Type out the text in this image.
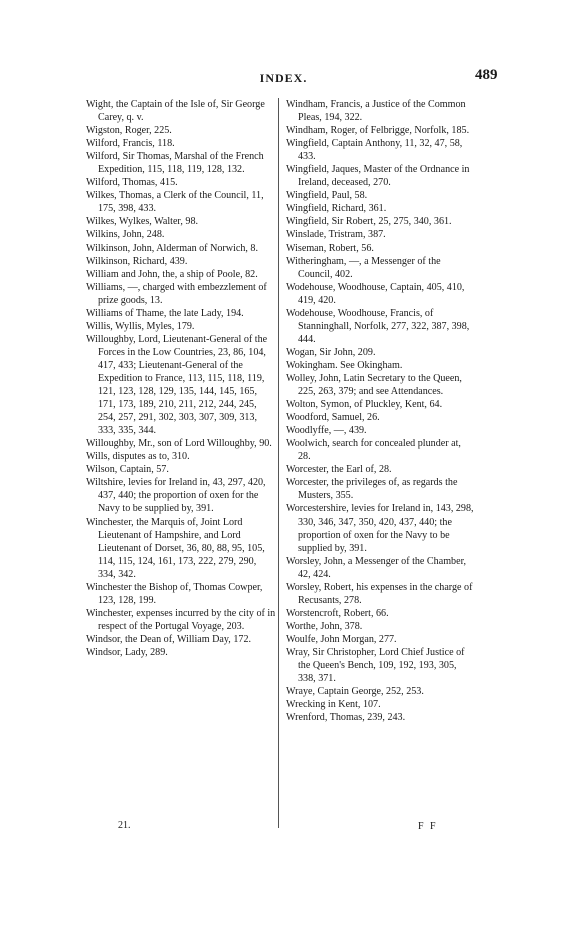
INDEX.	489

Wight, the Captain of the Isle of, Sir George Carey, q. v.

Wigston, Roger, 225.

Wilford, Francis, 118.

Wilford, Sir Thomas, Marshal of the French Expedition, 115, 118, 119, 128, 132.

Wilford, Thomas, 415.

Wilkes, Thomas, a Clerk of the Council, 11, 175, 398, 433.

Wilkes, Wylkes, Walter, 98.

Wilkins, John, 248.

Wilkinson, John, Alderman of Norwich, 8.

Wilkinson, Richard, 439.

William and John, the, a ship of Poole, 82.

Williams, —, charged with embezzlement of prize goods, 13.

Williams of Thame, the late Lady, 194.

Willis, Wyllis, Myles, 179.

Willoughby, Lord, Lieutenant-General of the Forces in the Low Countries, 23, 86, 104, 417, 433; Lieutenant-General of the Expedition to France, 113, 115, 118, 119, 121, 123, 128, 129, 135, 144, 145, 165, 171, 173, 189, 210, 211, 212, 244, 245, 254, 257, 291, 302, 303, 307, 309, 313, 333, 335, 344.

Willoughby, Mr., son of Lord Willoughby, 90.

Wills, disputes as to, 310.

Wilson, Captain, 57.

Wiltshire, levies for Ireland in, 43, 297, 420, 437, 440; the proportion of oxen for the Navy to be supplied by, 391.

Winchester, the Marquis of, Joint Lord Lieutenant of Hampshire, and Lord Lieutenant of Dorset, 36, 80, 88, 95, 105, 114, 115, 124, 161, 173, 222, 279, 290, 334, 342.

Winchester the Bishop of, Thomas Cowper, 123, 128, 199.

Winchester, expenses incurred by the city of in respect of the Portugal Voyage, 203.

Windsor, the Dean of, William Day, 172.

Windsor, Lady, 289.

Windham, Francis, a Justice of the Common Pleas, 194, 322.

Windham, Roger, of Felbrigge, Norfolk, 185.

Wingfield, Captain Anthony, 11, 32, 47, 58, 433.

Wingfield, Jaques, Master of the Ordnance in Ireland, deceased, 270.

Wingfield, Paul, 58.

Wingfield, Richard, 361.

Wingfield, Sir Robert, 25, 275, 340, 361.

Winslade, Tristram, 387.

Wiseman, Robert, 56.

Witheringham, —, a Messenger of the Council, 402.

Wodehouse, Woodhouse, Captain, 405, 410, 419, 420.

Wodehouse, Woodhouse, Francis, of Stanninghall, Norfolk, 277, 322, 387, 398, 444.

Wogan, Sir John, 209.

Wokingham. See Okingham.

Wolley, John, Latin Secretary to the Queen, 225, 263, 379; and see Attendances.

Wolton, Symon, of Pluckley, Kent, 64.

Woodford, Samuel, 26.

Woodlyffe, —, 439.

Woolwich, search for concealed plunder at, 28.

Worcester, the Earl of, 28.

Worcester, the privileges of, as regards the Musters, 355.

Worcestershire, levies for Ireland in, 143, 298, 330, 346, 347, 350, 420, 437, 440; the proportion of oxen for the Navy to be supplied by, 391.

Worsley, John, a Messenger of the Chamber, 42, 424.

Worsley, Robert, his expenses in the charge of Recusants, 278.

Worstencroft, Robert, 66.

Worthe, John, 378.

Woulfe, John Morgan, 277.

Wray, Sir Christopher, Lord Chief Justice of the Queen's Bench, 109, 192, 193, 305, 338, 371.

Wraye, Captain George, 252, 253.

Wrecking in Kent, 107.

Wrenford, Thomas, 239, 243.

21.	F F
